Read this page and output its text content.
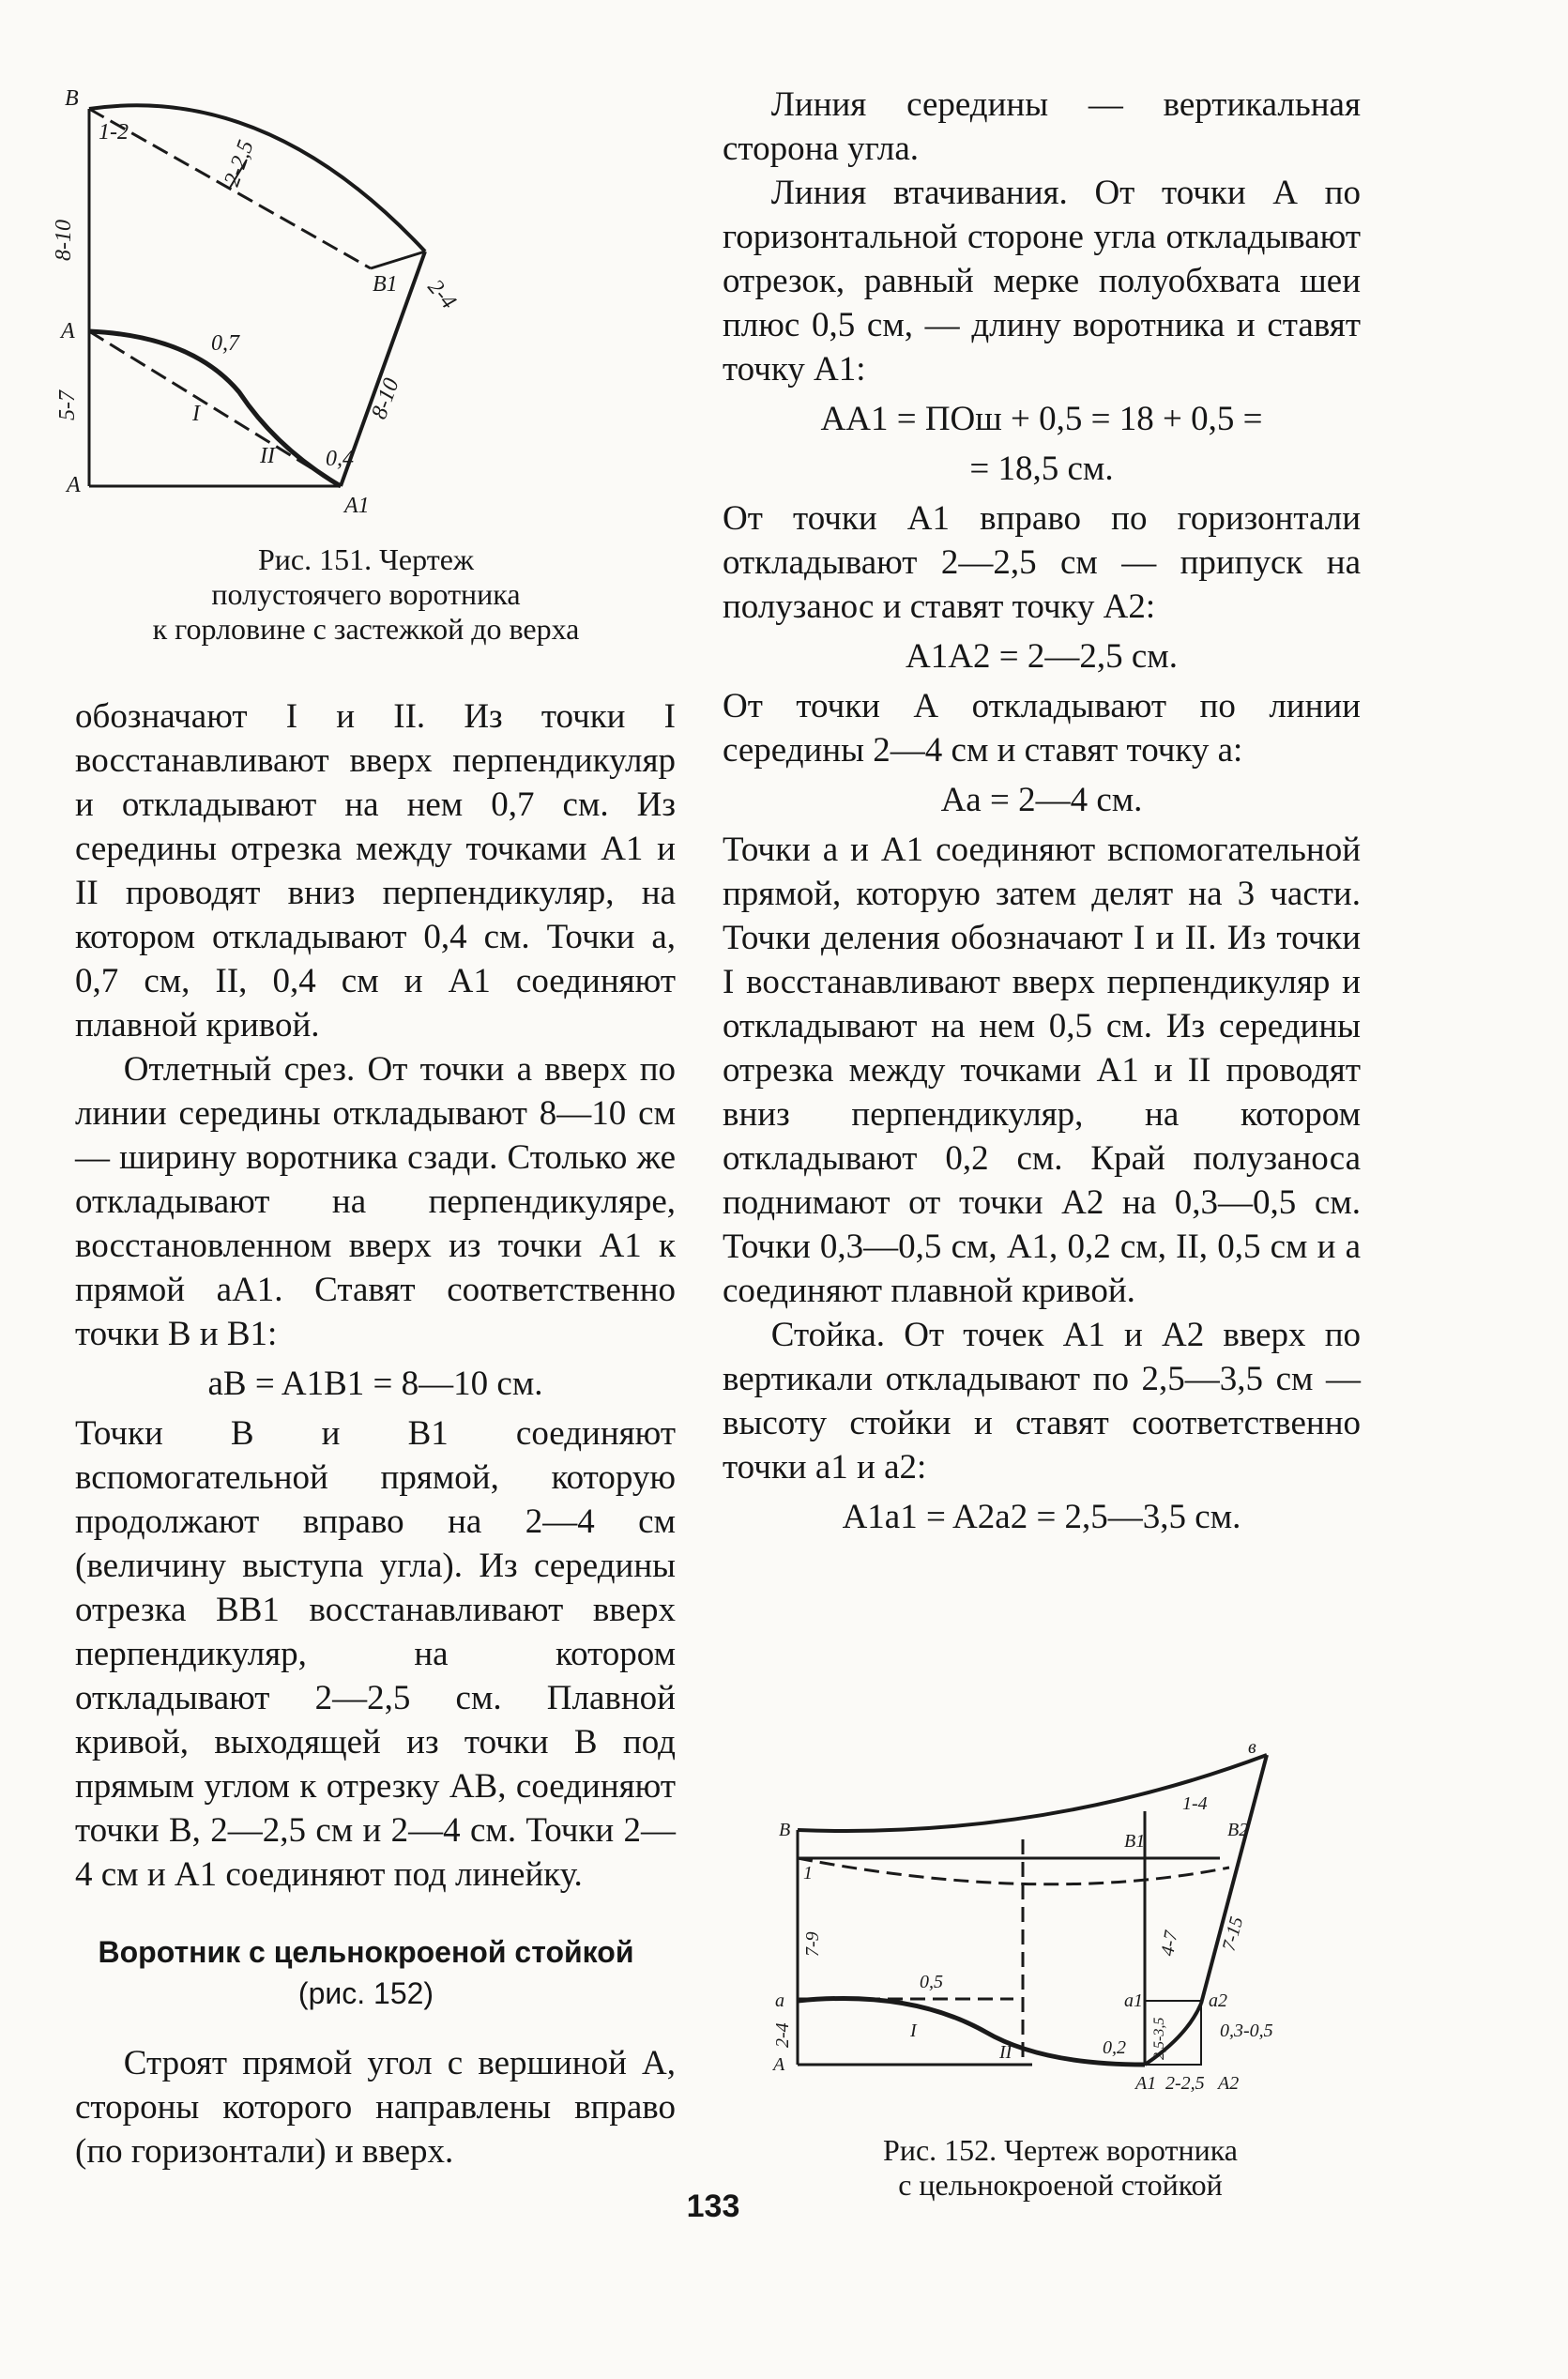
В
1-2
2-2,5
8-10
В1 2-4
А	0,7
5-7	I	8-10
II 0,4
А
А1
Рис. 151. Чертеж
полустоячего воротника
к горловине с застежкой до верха

обозначают I и II. Из точки I восстанавливают вверх перпендикуляр и откладывают на нем 0,7 см. Из середины отрезка между точками А1 и II проводят вниз перпендикуляр, на котором откладывают 0,4 см. Точки а, 0,7 см, II, 0,4 см и А1 соединяют плавной кривой.

Отлетный срез. От точки а вверх по линии середины откладывают 8—10 см — ширину воротника сзади. Столько же откладывают на перпендикуляре, восстановленном вверх из точки А1 к прямой аА1. Ставят соответственно точки В и В1:

aB = A1B1 = 8—10 см.

Точки В и В1 соединяют вспомогательной прямой, которую продолжают вправо на 2—4 см (величину выступа угла). Из середины отрезка ВВ1 восстанавливают вверх перпендикуляр, на котором откладывают 2—2,5 см. Плавной кривой, выходящей из точки В под прямым углом к отрезку АВ, соединяют точки В, 2—2,5 см и 2—4 см. Точки 2—4 см и А1 соединяют под линейку.

Воротник с цельнокроеной стойкой
(рис. 152)

Строят прямой угол с вершиной А, стороны которого направлены вправо (по горизонтали) и вверх.

Линия середины — вертикальная сторона угла.

Линия втачивания. От точки А по горизонтальной стороне угла откладывают отрезок, равный мерке полуобхвата шеи плюс 0,5 см, — длину воротника и ставят точку А1:

AA1 = ПОш + 0,5 = 18 + 0,5 =

= 18,5 см.

От точки А1 вправо по горизонтали откладывают 2—2,5 см — припуск на полузанос и ставят точку А2:

A1A2 = 2—2,5 см.

От точки А откладывают по линии середины 2—4 см и ставят точку а:

Aa = 2—4 см.

Точки а и А1 соединяют вспомогательной прямой, которую затем делят на 3 части. Точки деления обозначают I и II. Из точки I восстанавливают вверх перпендикуляр и откладывают на нем 0,5 см. Из середины отрезка между точками А1 и II проводят вниз перпендикуляр, на котором откладывают 0,2 см. Край полузаноса поднимают от точки А2 на 0,3—0,5 см. Точки 0,3—0,5 см, А1, 0,2 см, II, 0,5 см и а соединяют плавной кривой.

Стойка. От точек А1 и А2 вверх по вертикали откладывают по 2,5—3,5 см — высоту стойки и ставят соответственно точки а1 и а2:

A1a1 = A2a2 = 2,5—3,5 см.

в
В
1-4
В1
В2
1
7-9	4-7 7-15
а
0,5
а1	а2
2-4	I
II	0,2 2,5-3,5	0,3-0,5
А
А1 2-2,5 А2
Рис. 152. Чертеж воротника
с цельнокроеной стойкой
133
